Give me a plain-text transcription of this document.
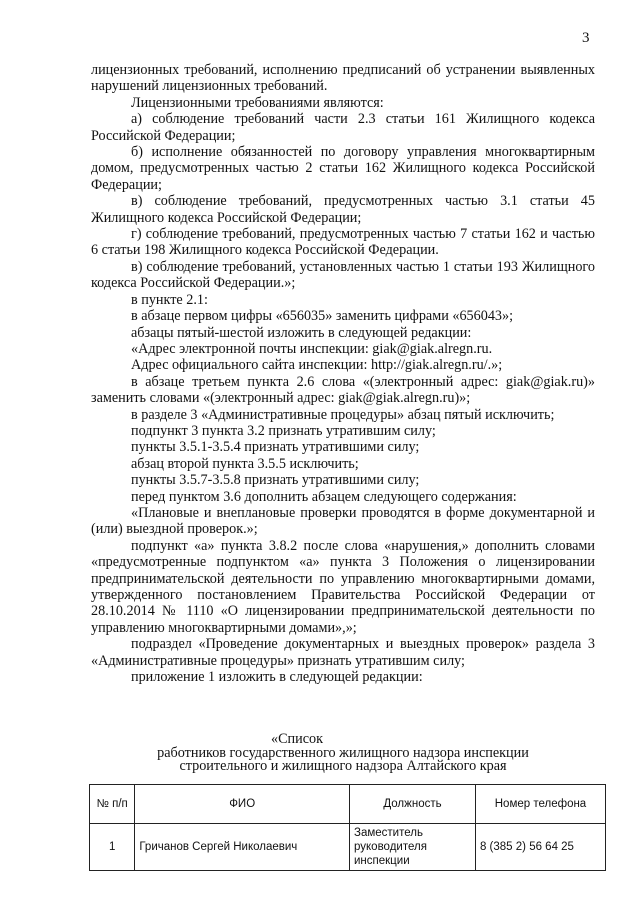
3

лицензионных требований, исполнению предписаний об устранении выявленных нарушений лицензионных требований.

Лицензионными требованиями являются:

а) соблюдение требований части 2.3 статьи 161 Жилищного кодекса Российской Федерации;

б) исполнение обязанностей по договору управления многоквартирным домом, предусмотренных частью 2 статьи 162 Жилищного кодекса Российской Федерации;

в) соблюдение требований, предусмотренных частью 3.1 статьи 45 Жилищного кодекса Российской Федерации;

г) соблюдение требований, предусмотренных частью 7 статьи 162 и частью 6 статьи 198 Жилищного кодекса Российской Федерации.

в) соблюдение требований, установленных частью 1 статьи 193 Жилищного кодекса Российской Федерации.»;

в пункте 2.1:

в абзаце первом цифры «656035» заменить цифрами «656043»;

абзацы пятый-шестой изложить в следующей редакции:

«Адрес электронной почты инспекции: giak@giak.alregn.ru.

Адрес официального сайта инспекции: http://giak.alregn.ru/.»;

в абзаце третьем пункта 2.6 слова «(электронный адрес: giak@giak.ru)» заменить словами «(электронный адрес: giak@giak.alregn.ru)»;

в разделе 3 «Административные процедуры» абзац пятый исключить;

подпункт 3 пункта 3.2 признать утратившим силу;

пункты 3.5.1-3.5.4 признать утратившими силу;

абзац второй пункта 3.5.5 исключить;

пункты 3.5.7-3.5.8 признать утратившими силу;

перед пунктом 3.6 дополнить абзацем следующего содержания:

«Плановые и внеплановые проверки проводятся в форме документарной и (или) выездной проверок.»;

подпункт «а» пункта 3.8.2 после слова «нарушения,» дополнить словами «предусмотренные подпунктом «а» пункта 3 Положения о лицензировании предпринимательской деятельности по управлению многоквартирными домами, утвержденного постановлением Правительства Российской Федерации от 28.10.2014 № 1110 «О лицензировании предпринимательской деятельности по управлению многоквартирными домами»,»;

подраздел «Проведение документарных и выездных проверок» раздела 3 «Административные процедуры» признать утратившим силу;

приложение 1 изложить в следующей редакции:

«Список
работников государственного жилищного надзора инспекции
строительного и жилищного надзора Алтайского края
№ п/п	ФИО	Должность	Номер телефона
1	Гричанов Сергей Николаевич	Заместитель руководителя инспекции	8 (385 2) 56 64 25
